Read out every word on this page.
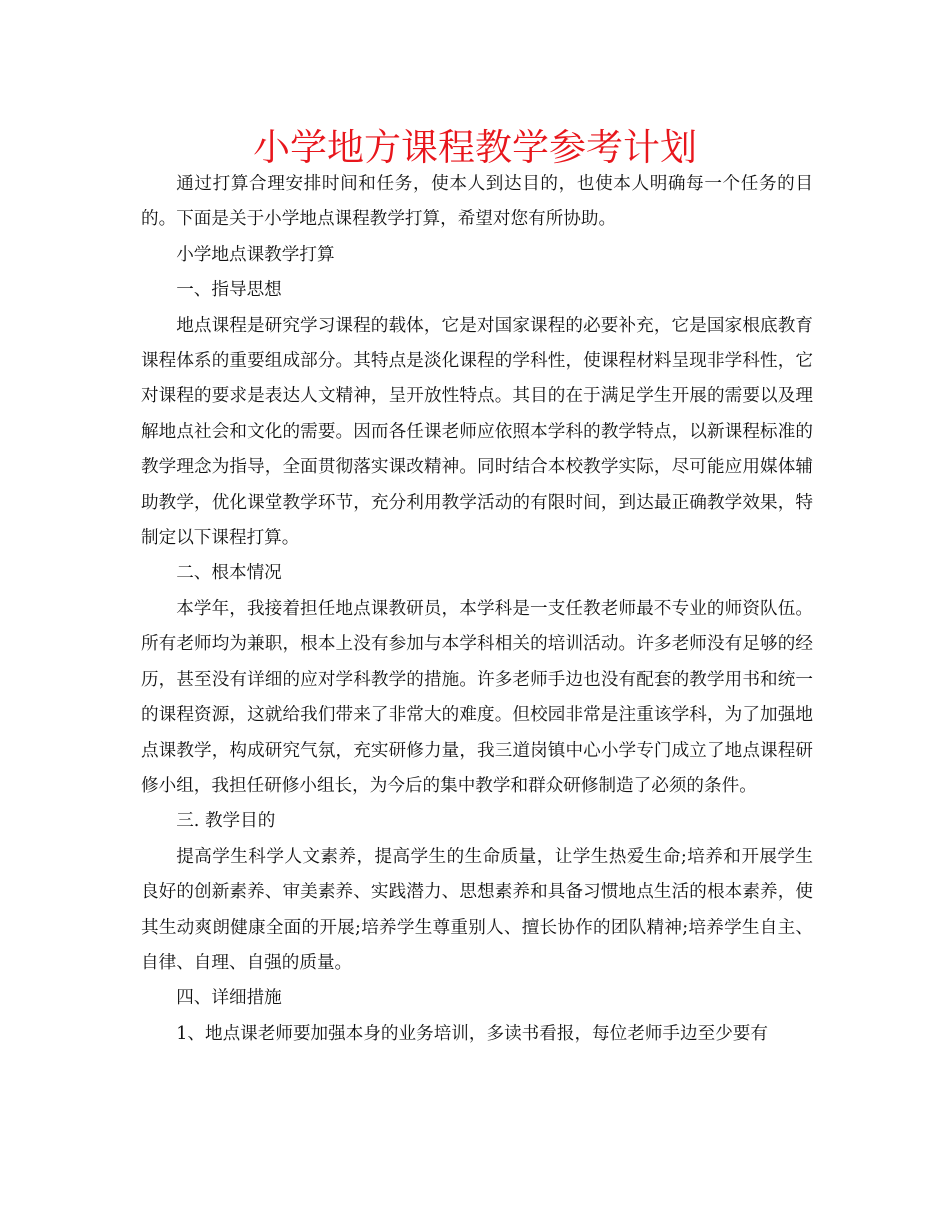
小学地方课程教学参考计划

通过打算合理安排时间和任务，使本人到达目的，也使本人明确每一个任务的目的。下面是关于小学地点课程教学打算，希望对您有所协助。

小学地点课教学打算

一、指导思想

地点课程是研究学习课程的载体，它是对国家课程的必要补充，它是国家根底教育课程体系的重要组成部分。其特点是淡化课程的学科性，使课程材料呈现非学科性，它对课程的要求是表达人文精神，呈开放性特点。其目的在于满足学生开展的需要以及理解地点社会和文化的需要。因而各任课老师应依照本学科的教学特点，以新课程标准的教学理念为指导，全面贯彻落实课改精神。同时结合本校教学实际，尽可能应用媒体辅助教学，优化课堂教学环节，充分利用教学活动的有限时间，到达最正确教学效果，特制定以下课程打算。

二、根本情况

本学年，我接着担任地点课教研员，本学科是一支任教老师最不专业的师资队伍。所有老师均为兼职，根本上没有参加与本学科相关的培训活动。许多老师没有足够的经历，甚至没有详细的应对学科教学的措施。许多老师手边也没有配套的教学用书和统一的课程资源，这就给我们带来了非常大的难度。但校园非常是注重该学科，为了加强地点课教学，构成研究气氛，充实研修力量，我三道岗镇中心小学专门成立了地点课程研修小组，我担任研修小组长，为今后的集中教学和群众研修制造了必须的条件。

三. 教学目的

提高学生科学人文素养，提高学生的生命质量，让学生热爱生命;培养和开展学生良好的创新素养、审美素养、实践潜力、思想素养和具备习惯地点生活的根本素养，使其生动爽朗健康全面的开展;培养学生尊重别人、擅长协作的团队精神;培养学生自主、自律、自理、自强的质量。

四、详细措施

1、地点课老师要加强本身的业务培训，多读书看报，每位老师手边至少要有
